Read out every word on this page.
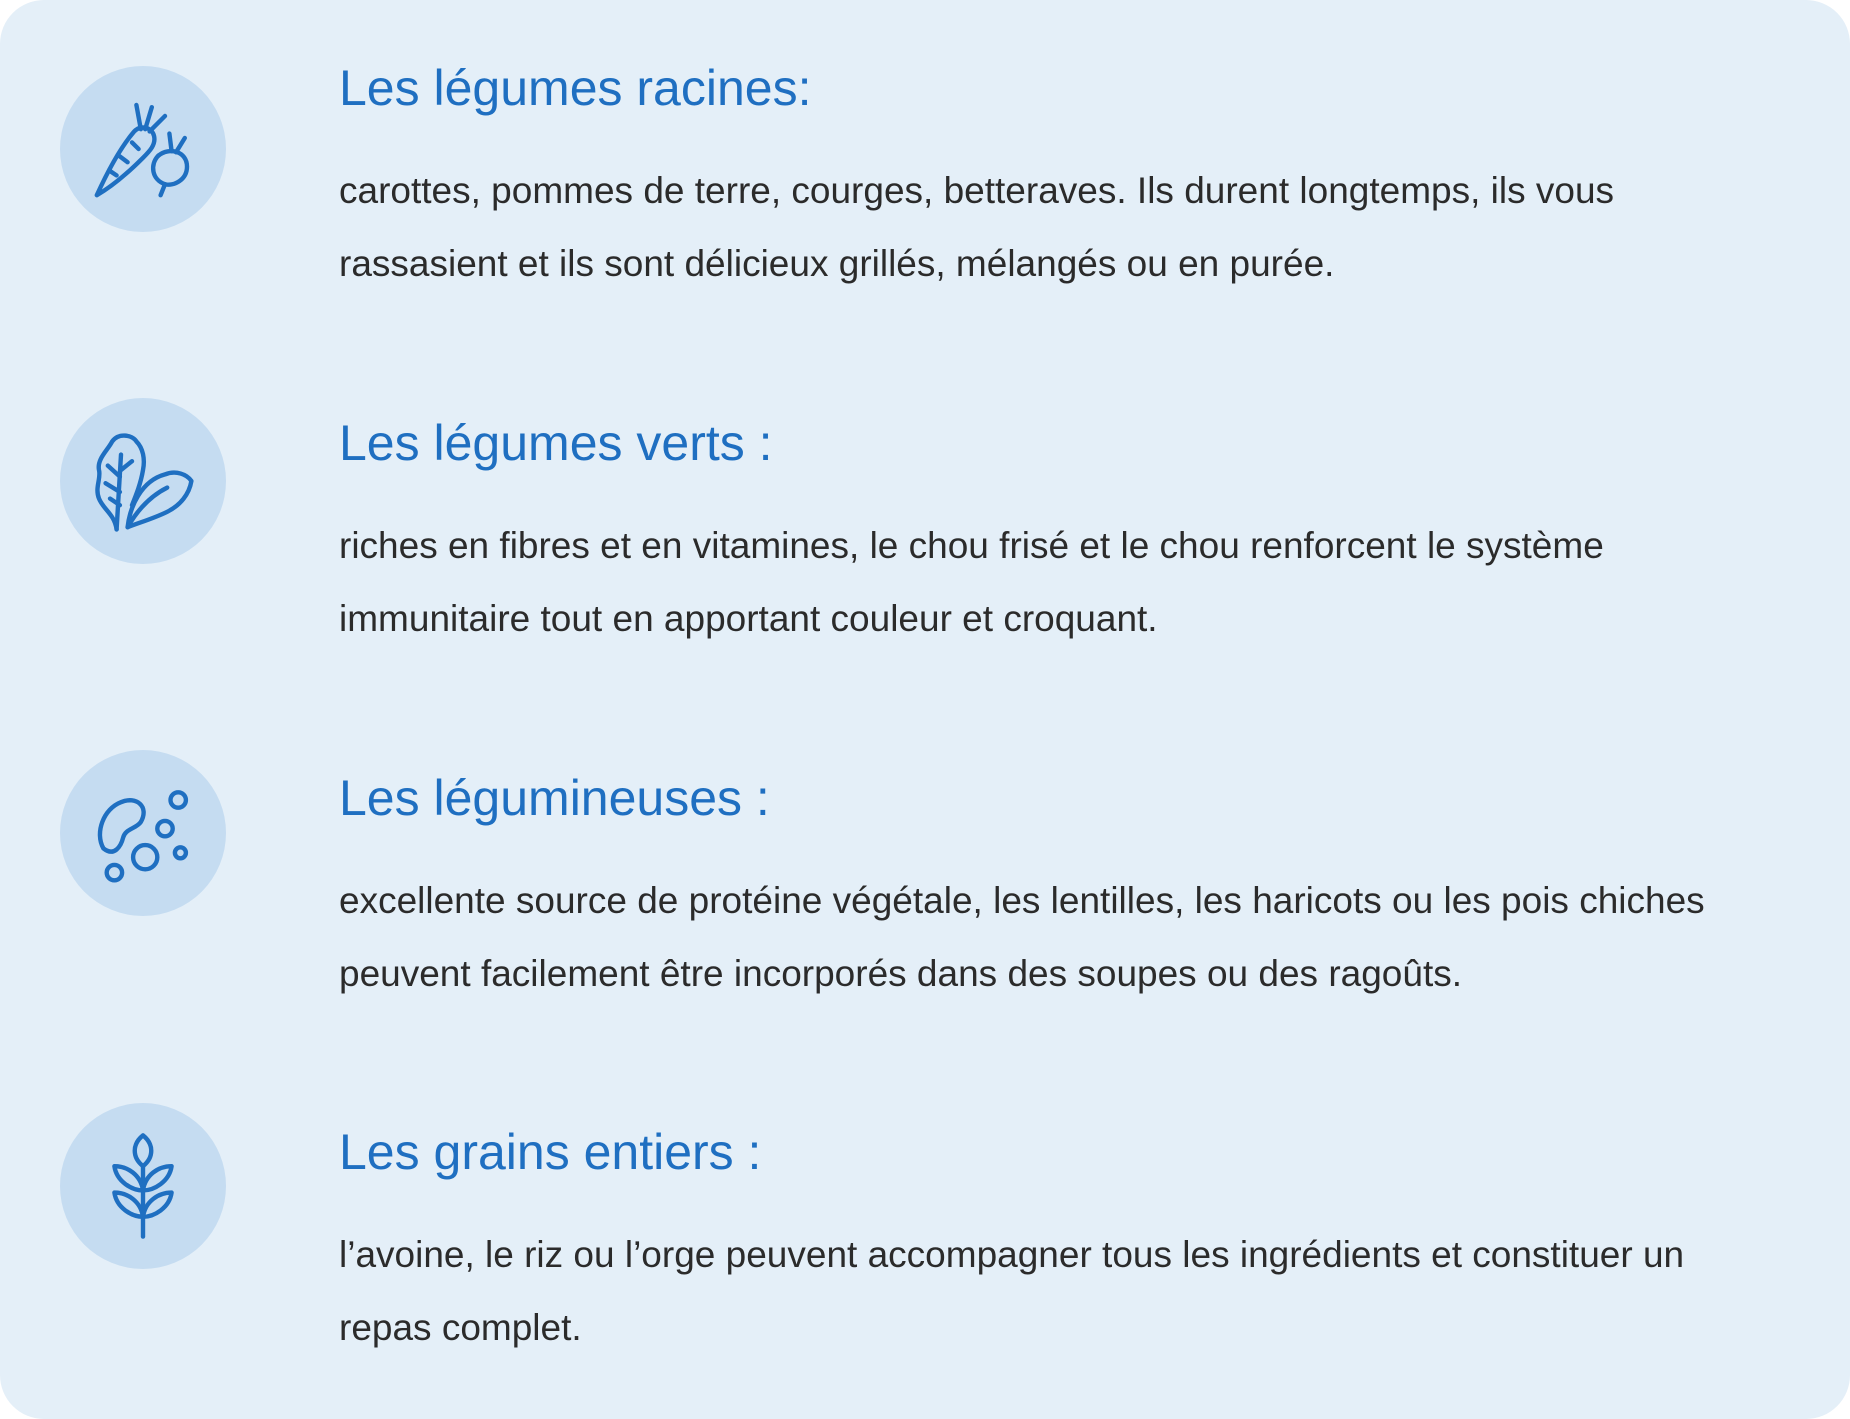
Les légumes racines:

carottes, pommes de terre, courges, betteraves. Ils durent longtemps, ils vous rassasient et ils sont délicieux grillés, mélangés ou en purée.

Les légumes verts :

riches en fibres et en vitamines, le chou frisé et le chou renforcent le système immunitaire tout en apportant couleur et croquant.

Les légumineuses :

excellente source de protéine végétale, les lentilles, les haricots ou les pois chiches peuvent facilement être incorporés dans des soupes ou des ragoûts.

Les grains entiers :

l’avoine, le riz ou l’orge peuvent accompagner tous les ingrédients et constituer un repas complet.
